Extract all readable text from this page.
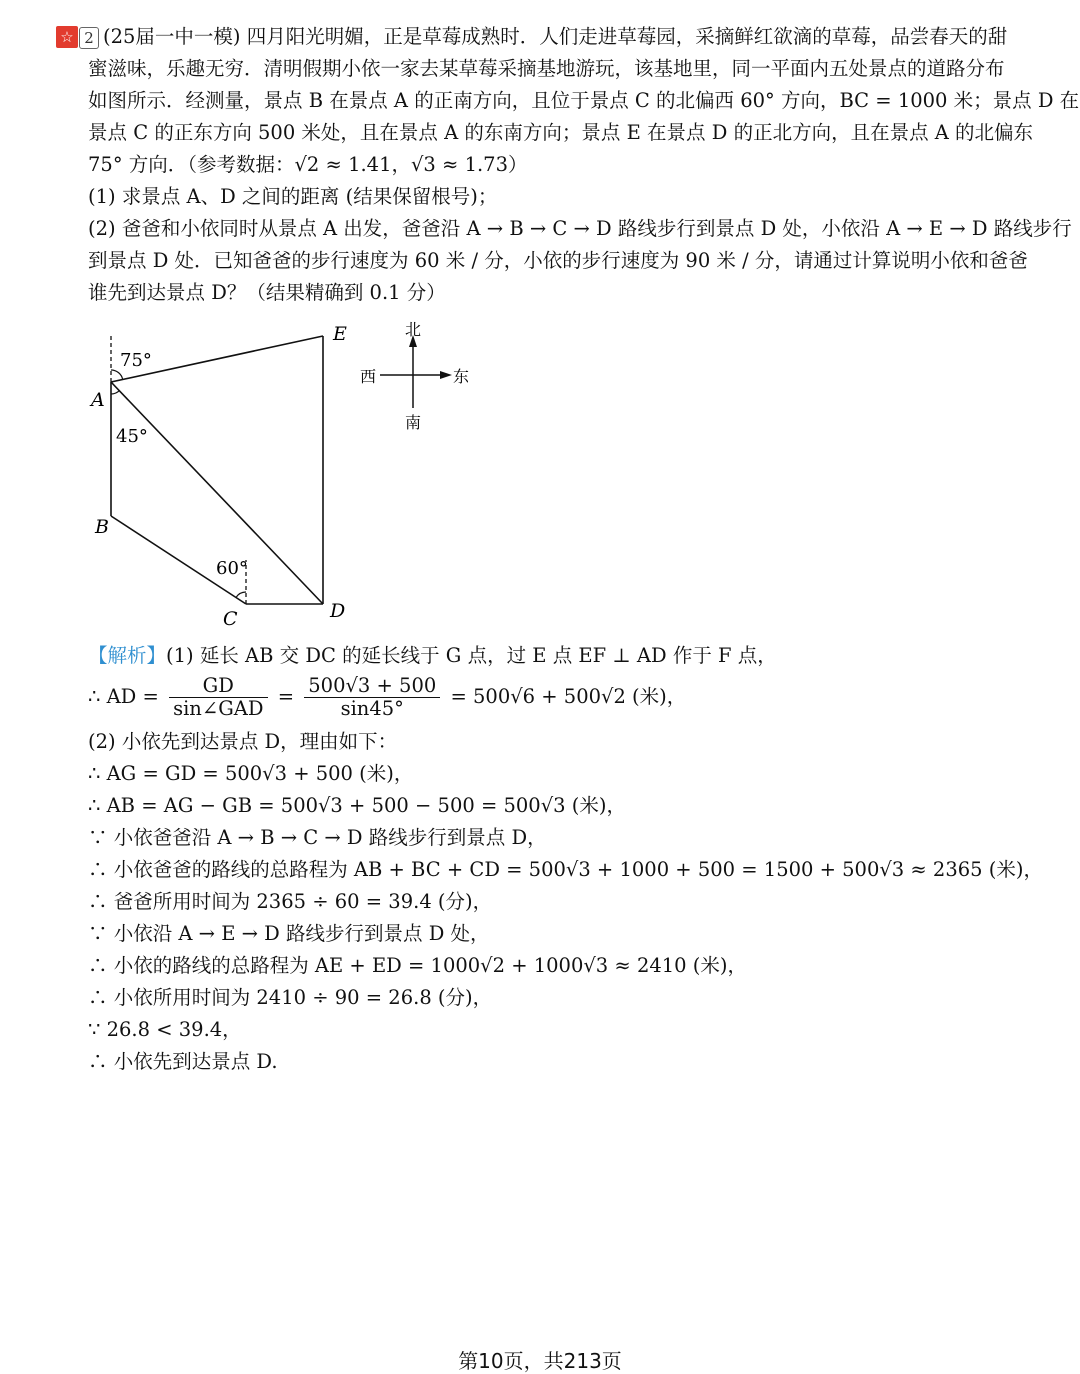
☆ 2 (25届一中一模) 四月阳光明媚，正是草莓成熟时．人们走进草莓园，采摘鲜红欲滴的草莓，品尝春天的甜
蜜滋味，乐趣无穷．清明假期小依一家去某草莓采摘基地游玩，该基地里，同一平面内五处景点的道路分布
如图所示．经测量，景点 B 在景点 A 的正南方向，且位于景点 C 的北偏西 60° 方向，BC = 1000 米；景点 D 在
景点 C 的正东方向 500 米处，且在景点 A 的东南方向；景点 E 在景点 D 的正北方向，且在景点 A 的北偏东
75° 方向．（参考数据：√2 ≈ 1.41，√3 ≈ 1.73）
(1) 求景点 A、D 之间的距离 (结果保留根号)；
(2) 爸爸和小依同时从景点 A 出发，爸爸沿 A → B → C → D 路线步行到景点 D 处，小依沿 A → E → D 路线步行
到景点 D 处．已知爸爸的步行速度为 60 米 / 分，小依的步行速度为 90 米 / 分，请通过计算说明小依和爸爸
谁先到达景点 D？（结果精确到 0.1 分）
A
B
C	D
E
75°
45°
60°
北
南
东
西
【解析】(1) 延长 AB 交 DC 的延长线于 G 点，过 E 点 EF ⊥ AD 作于 F 点，
∴ AD = $\frac{GD}{\text{sin∠GAD}} = \frac{500√3 + 500}{\sin 45^\circ} = 500√6 + 500√2$ (米)，
(2) 小依先到达景点 D，理由如下：
∴ AG = GD = 500√3 + 500 (米)，
∴ AB = AG − GB = 500√3 + 500 − 500 = 500√3 (米)，
∵ 小依爸爸沿 A → B → C → D 路线步行到景点 D，
∴ 小依爸爸的路线的总路程为 AB + BC + CD = 500√3 + 1000 + 500 = 1500 + 500√3 ≈ 2365 (米)，
∴ 爸爸所用时间为 2365 ÷ 60 = 39.4 (分)，
∵ 小依沿 A → E → D 路线步行到景点 D 处，
∴ 小依的路线的总路程为 AE + ED = 1000√2 + 1000√3 ≈ 2410 (米)，
∴ 小依所用时间为 2410 ÷ 90 = 26.8 (分)，
∵ 26.8 < 39.4，
∴ 小依先到达景点 D.
第10页，共213页
